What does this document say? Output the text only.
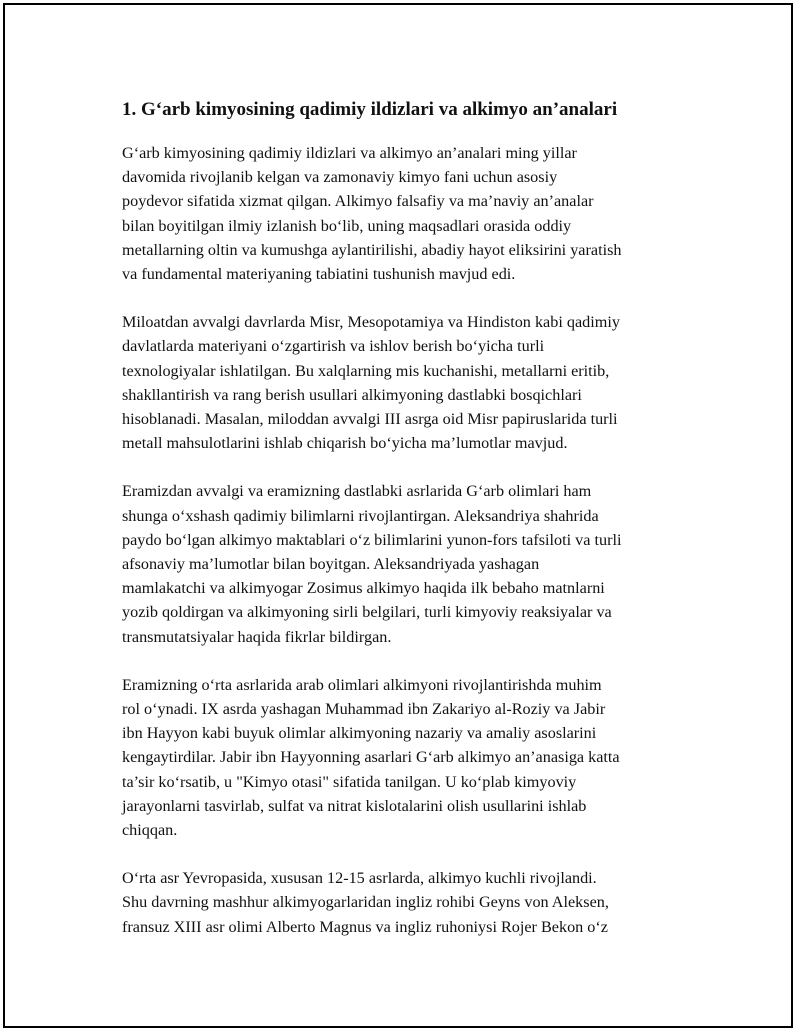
1. G‘arb kimyosining qadimiy ildizlari va alkimyo an’analari

G‘arb kimyosining qadimiy ildizlari va alkimyo an’analari ming yillar
davomida rivojlanib kelgan va zamonaviy kimyo fani uchun asosiy
poydevor sifatida xizmat qilgan. Alkimyo falsafiy va ma’naviy an’analar
bilan boyitilgan ilmiy izlanish bo‘lib, uning maqsadlari orasida oddiy
metallarning oltin va kumushga aylantirilishi, abadiy hayot eliksirini yaratish
va fundamental materiyaning tabiatini tushunish mavjud edi.

Miloatdan avvalgi davrlarda Misr, Mesopotamiya va Hindiston kabi qadimiy
davlatlarda materiyani o‘zgartirish va ishlov berish bo‘yicha turli
texnologiyalar ishlatilgan. Bu xalqlarning mis kuchanishi, metallarni eritib,
shakllantirish va rang berish usullari alkimyoning dastlabki bosqichlari
hisoblanadi. Masalan, miloddan avvalgi III asrga oid Misr papiruslarida turli
metall mahsulotlarini ishlab chiqarish bo‘yicha ma’lumotlar mavjud.

Eramizdan avvalgi va eramizning dastlabki asrlarida G‘arb olimlari ham
shunga o‘xshash qadimiy bilimlarni rivojlantirgan. Aleksandriya shahrida
paydo bo‘lgan alkimyo maktablari o‘z bilimlarini yunon-fors tafsiloti va turli
afsonaviy ma’lumotlar bilan boyitgan. Aleksandriyada yashagan
mamlakatchi va alkimyogar Zosimus alkimyo haqida ilk bebaho matnlarni
yozib qoldirgan va alkimyoning sirli belgilari, turli kimyoviy reaksiyalar va
transmutatsiyalar haqida fikrlar bildirgan.

Eramizning o‘rta asrlarida arab olimlari alkimyoni rivojlantirishda muhim
rol o‘ynadi. IX asrda yashagan Muhammad ibn Zakariyo al-Roziy va Jabir
ibn Hayyon kabi buyuk olimlar alkimyoning nazariy va amaliy asoslarini
kengaytirdilar. Jabir ibn Hayyonning asarlari G‘arb alkimyo an’anasiga katta
ta’sir ko‘rsatib, u "Kimyo otasi" sifatida tanilgan. U ko‘plab kimyoviy
jarayonlarni tasvirlab, sulfat va nitrat kislotalarini olish usullarini ishlab
chiqqan.

O‘rta asr Yevropasida, xususan 12-15 asrlarda, alkimyo kuchli rivojlandi.
Shu davrning mashhur alkimyogarlaridan ingliz rohibi Geyns von Aleksen,
fransuz XIII asr olimi Alberto Magnus va ingliz ruhoniysi Rojer Bekon o‘z
